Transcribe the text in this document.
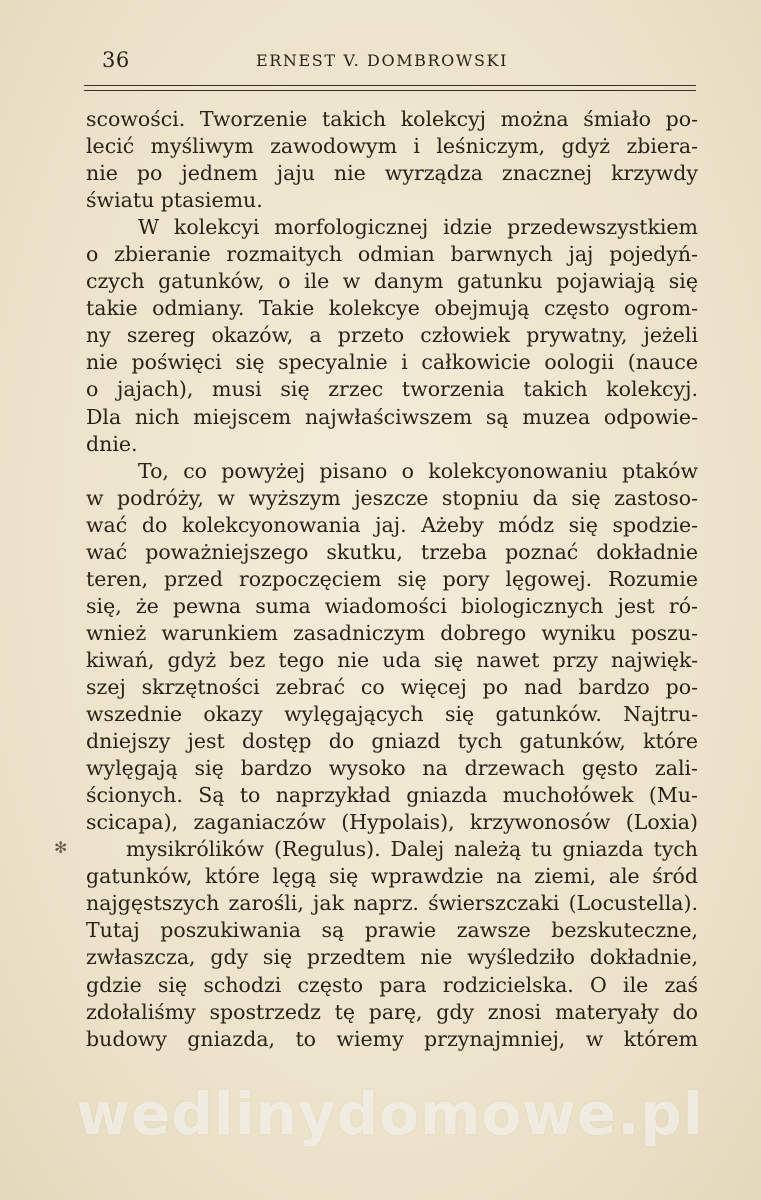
36	ERNEST V. DOMBROWSKI
scowości. Tworzenie takich kolekcyj można śmiało po-
lecić myśliwym zawodowym i leśniczym, gdyż zbiera-
nie po jednem jaju nie wyrządza znacznej krzywdy
światu ptasiemu.
W kolekcyi morfologicznej idzie przedewszystkiem
o zbieranie rozmaitych odmian barwnych jaj pojedyń-
czych gatunków, o ile w danym gatunku pojawiają się
takie odmiany. Takie kolekcye obejmują często ogrom-
ny szereg okazów, a przeto człowiek prywatny, jeżeli
nie poświęci się specyalnie i całkowicie oologii (nauce
o jajach), musi się zrzec tworzenia takich kolekcyj.
Dla nich miejscem najwłaściwszem są muzea odpowie-
dnie.
To, co powyżej pisano o kolekcyonowaniu ptaków
w podróży, w wyższym jeszcze stopniu da się zastoso-
wać do kolekcyonowania jaj. Ażeby módz się spodzie-
wać poważniejszego skutku, trzeba poznać dokładnie
teren, przed rozpoczęciem się pory lęgowej. Rozumie
się, że pewna suma wiadomości biologicznych jest ró-
wnież warunkiem zasadniczym dobrego wyniku poszu-
kiwań, gdyż bez tego nie uda się nawet przy najwięk-
szej skrzętności zebrać co więcej po nad bardzo po-
wszednie okazy wylęgających się gatunków. Najtru-
dniejszy jest dostęp do gniazd tych gatunków, które
wylęgają się bardzo wysoko na drzewach gęsto zali-
ścionych. Są to naprzykład gniazda muchołówek (Mu-
scicapa), zaganiaczów (Hypolais), krzywonosów (Loxia)
mysikrólików (Regulus). Dalej należą tu gniazda tych
gatunków, które lęgą się wprawdzie na ziemi, ale śród
najgęstszych zarośli, jak naprz. świerszczaki (Locustella).
Tutaj poszukiwania są prawie zawsze bezskuteczne,
zwłaszcza, gdy się przedtem nie wyśledziło dokładnie,
gdzie się schodzi często para rodzicielska. O ile zaś
zdołaliśmy spostrzedz tę parę, gdy znosi materyały do
budowy gniazda, to wiemy przynajmniej, w którem
✻
wedlinydomowe.pl
